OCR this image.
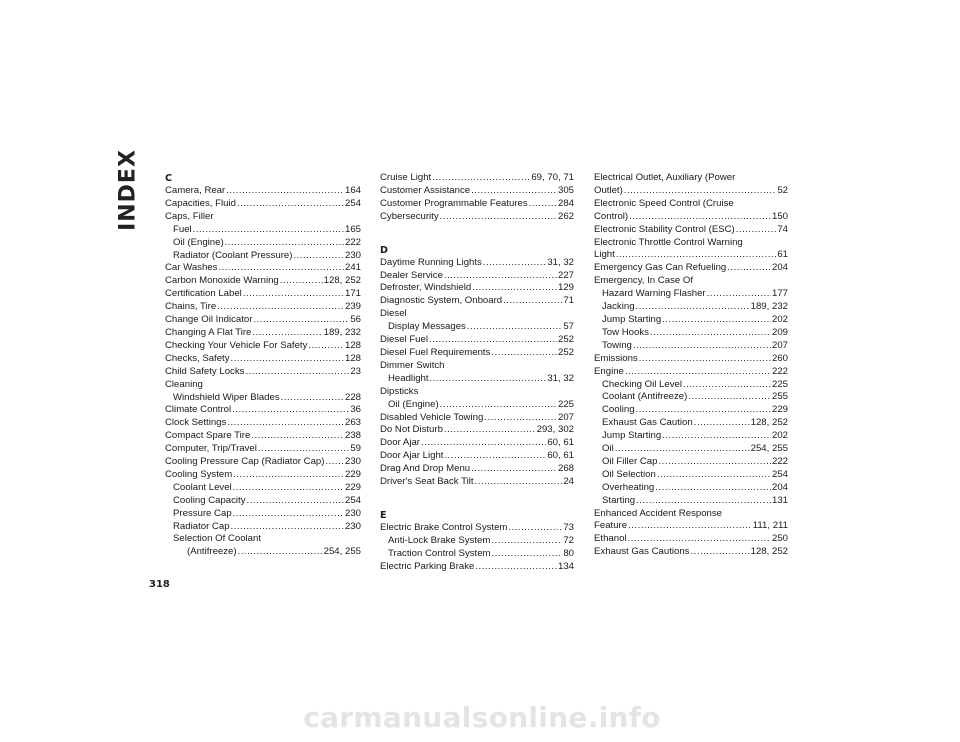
INDEX
318
C
Camera, Rear .....	164
Capacities, Fluid .....	254
Caps, Filler
Fuel .....	165
Oil (Engine) .....	222
Radiator (Coolant Pressure) .....	230
Car Washes .....	241
Carbon Monoxide Warning .....	128, 252
Certification Label .....	171
Chains, Tire .....	239
Change Oil Indicator .....	56
Changing A Flat Tire .....	189, 232
Checking Your Vehicle For Safety .....	128
Checks, Safety .....	128
Child Safety Locks .....	23
Cleaning
Windshield Wiper Blades .....	228
Climate Control .....	36
Clock Settings .....	263
Compact Spare Tire .....	238
Computer, Trip/Travel .....	59
Cooling Pressure Cap (Radiator Cap) ..... 230
Cooling System .....	229
Coolant Level .....	229
Cooling Capacity .....	254
Pressure Cap .....	230
Radiator Cap .....	230
Selection Of Coolant
(Antifreeze) .....	254, 255
Cruise Light .....	69, 70, 71
Customer Assistance .....	305
Customer Programmable Features .....	284
Cybersecurity .....	262
D
Daytime Running Lights .....	31, 32
Dealer Service .....	227
Defroster, Windshield .....	129
Diagnostic System, Onboard .....	71
Diesel
Display Messages .....	57
Diesel Fuel .....	252
Diesel Fuel Requirements .....	252
Dimmer Switch
Headlight .....	31, 32
Dipsticks
Oil (Engine) .....	225
Disabled Vehicle Towing .....	207
Do Not Disturb .....	293, 302
Door Ajar .....	60, 61
Door Ajar Light .....	60, 61
Drag And Drop Menu .....	268
Driver's Seat Back Tilt .....	24
E
Electric Brake Control System .....	73
Anti-Lock Brake System .....	72
Traction Control System .....	80
Electric Parking Brake .....	134
Electrical Outlet, Auxiliary (Power
Outlet) .....	52
Electronic Speed Control (Cruise
Control) .....	150
Electronic Stability Control (ESC) .....	74
Electronic Throttle Control Warning
Light .....	61
Emergency Gas Can Refueling .....	204
Emergency, In Case Of
Hazard Warning Flasher .....	177
Jacking .....	189, 232
Jump Starting .....	202
Tow Hooks .....	209
Towing .....	207
Emissions .....	260
Engine .....	222
Checking Oil Level .....	225
Coolant (Antifreeze) .....	255
Cooling .....	229
Exhaust Gas Caution .....	128, 252
Jump Starting .....	202
Oil .....	254, 255
Oil Filler Cap .....	222
Oil Selection .....	254
Overheating .....	204
Starting .....	131
Enhanced Accident Response
Feature .....	111, 211
Ethanol .....	250
Exhaust Gas Cautions .....	128, 252
carmanualsonline.info
